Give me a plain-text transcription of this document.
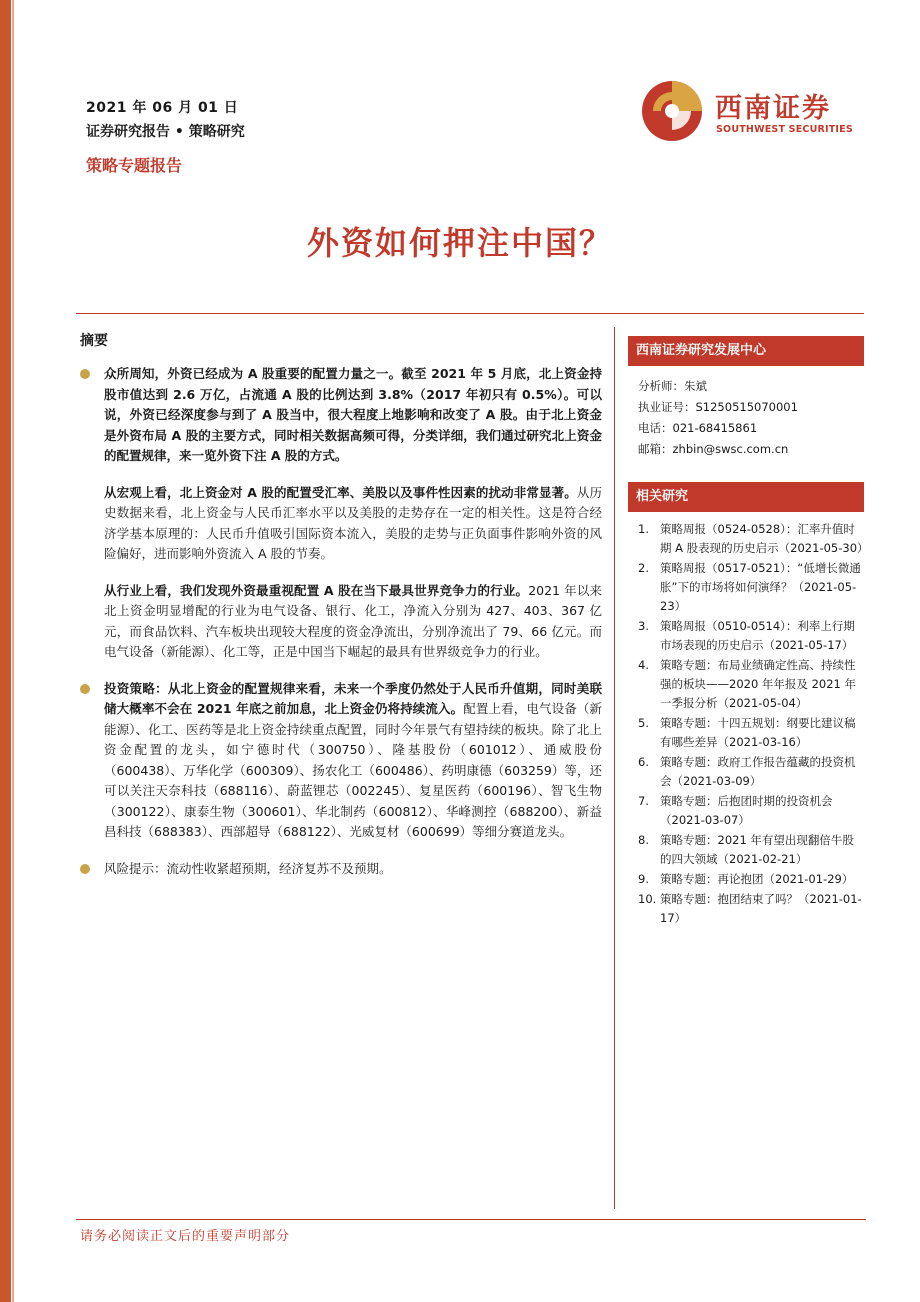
2021 年 06 月 01 日
证券研究报告 • 策略研究
策略专题报告
西南证券
SOUTHWEST SECURITIES
外资如何押注中国？
摘要
众所周知，外资已经成为 A 股重要的配置力量之一。截至 2021 年 5 月底，北上资金持股市值达到 2.6 万亿，占流通 A 股的比例达到 3.8%（2017 年初只有 0.5%）。可以说，外资已经深度参与到了 A 股当中，很大程度上地影响和改变了 A 股。由于北上资金是外资布局 A 股的主要方式，同时相关数据高频可得，分类详细，我们通过研究北上资金的配置规律，来一览外资下注 A 股的方式。
从宏观上看，北上资金对 A 股的配置受汇率、美股以及事件性因素的扰动非常显著。从历史数据来看，北上资金与人民币汇率水平以及美股的走势存在一定的相关性。这是符合经济学基本原理的：人民币升值吸引国际资本流入，美股的走势与正负面事件影响外资的风险偏好，进而影响外资流入 A 股的节奏。
从行业上看，我们发现外资最重视配置 A 股在当下最具世界竞争力的行业。2021 年以来北上资金明显增配的行业为电气设备、银行、化工，净流入分别为 427、403、367 亿元，而食品饮料、汽车板块出现较大程度的资金净流出，分别净流出了 79、66 亿元。而电气设备（新能源）、化工等，正是中国当下崛起的最具有世界级竞争力的行业。
投资策略：从北上资金的配置规律来看，未来一个季度仍然处于人民币升值期，同时美联储大概率不会在 2021 年底之前加息，北上资金仍将持续流入。配置上看，电气设备（新能源）、化工、医药等是北上资金持续重点配置，同时今年景气有望持续的板块。除了北上资金配置的龙头，如宁德时代（300750）、隆基股份（601012）、通威股份（600438）、万华化学（600309）、扬农化工（600486）、药明康德（603259）等，还可以关注天奈科技（688116）、蔚蓝锂芯（002245）、复星医药（600196）、智飞生物（300122）、康泰生物（300601）、华北制药（600812）、华峰测控（688200）、新益昌科技（688383）、西部超导（688122）、光威复材（600699）等细分赛道龙头。
风险提示：流动性收紧超预期，经济复苏不及预期。
西南证券研究发展中心
分析师：朱斌
执业证号：S1250515070001
电话：021-68415861
邮箱：zhbin@swsc.com.cn
相关研究
1. 策略周报（0524-0528）：汇率升值时期 A 股表现的历史启示（2021-05-30）
2. 策略周报（0517-0521）：“低增长微通胀”下的市场将如何演绎？（2021-05-23）
3. 策略周报（0510-0514）：利率上行期市场表现的历史启示（2021-05-17）
4. 策略专题：布局业绩确定性高、持续性强的板块——2020 年年报及 2021 年一季报分析（2021-05-04）
5. 策略专题：十四五规划：纲要比建议稿有哪些差异（2021-03-16）
6. 策略专题：政府工作报告蕴藏的投资机会（2021-03-09）
7. 策略专题：后抱团时期的投资机会（2021-03-07）
8. 策略专题：2021 年有望出现翻倍牛股的四大领域（2021-02-21）
9. 策略专题：再论抱团（2021-01-29）
10. 策略专题：抱团结束了吗？（2021-01-17）
请务必阅读正文后的重要声明部分
